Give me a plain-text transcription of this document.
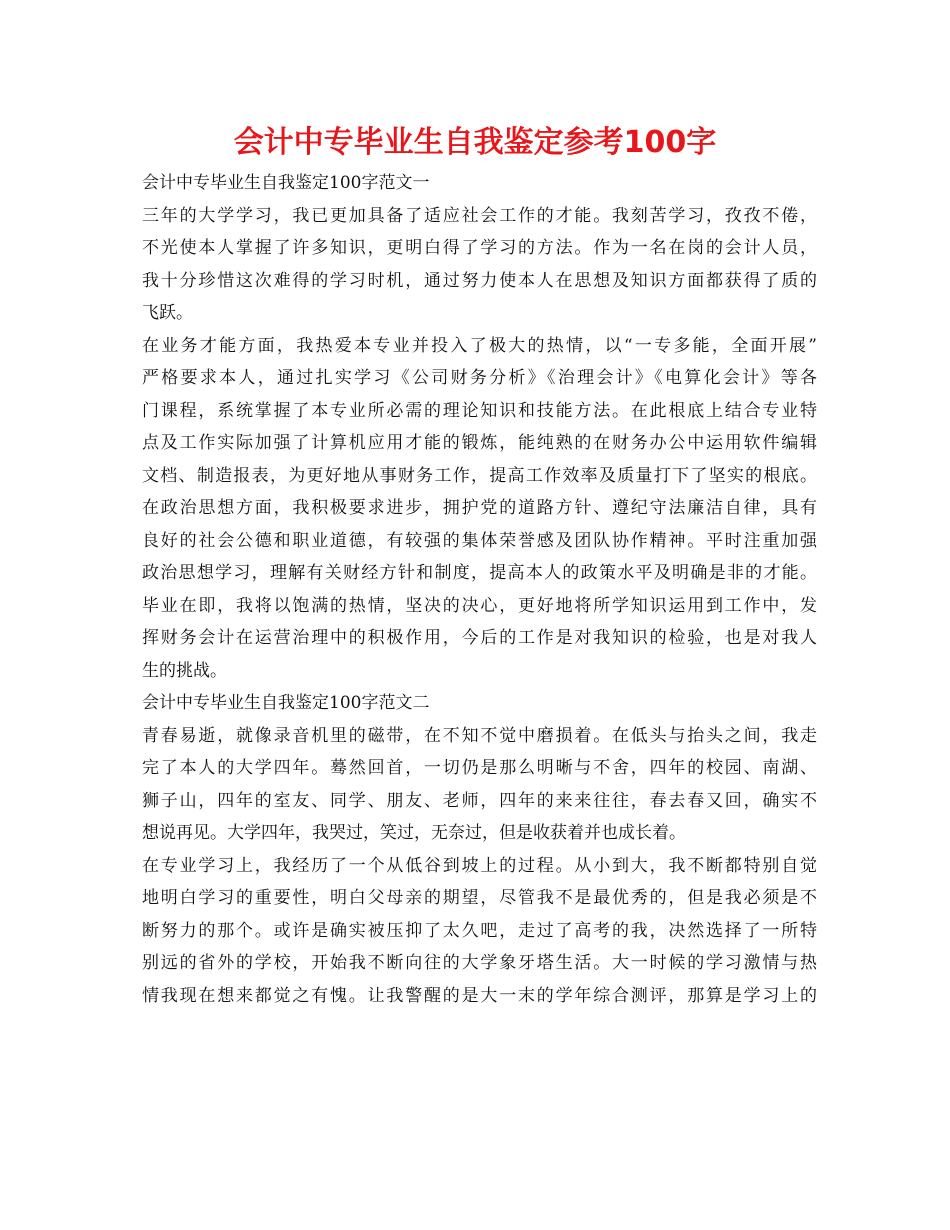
会计中专毕业生自我鉴定参考100字
会计中专毕业生自我鉴定100字范文一
三年的大学学习，我已更加具备了适应社会工作的才能。我刻苦学习，孜孜不倦，
不光使本人掌握了许多知识，更明白得了学习的方法。作为一名在岗的会计人员，
我十分珍惜这次难得的学习时机，通过努力使本人在思想及知识方面都获得了质的
飞跃。
在业务才能方面，我热爱本专业并投入了极大的热情，以“一专多能，全面开展”
严格要求本人，通过扎实学习《公司财务分析》《治理会计》《电算化会计》等各
门课程，系统掌握了本专业所必需的理论知识和技能方法。在此根底上结合专业特
点及工作实际加强了计算机应用才能的锻炼，能纯熟的在财务办公中运用软件编辑
文档、制造报表，为更好地从事财务工作，提高工作效率及质量打下了坚实的根底。
在政治思想方面，我积极要求进步，拥护党的道路方针、遵纪守法廉洁自律，具有
良好的社会公德和职业道德，有较强的集体荣誉感及团队协作精神。平时注重加强
政治思想学习，理解有关财经方针和制度，提高本人的政策水平及明确是非的才能。
毕业在即，我将以饱满的热情，坚决的决心，更好地将所学知识运用到工作中，发
挥财务会计在运营治理中的积极作用，今后的工作是对我知识的检验，也是对我人
生的挑战。
会计中专毕业生自我鉴定100字范文二
青春易逝，就像录音机里的磁带，在不知不觉中磨损着。在低头与抬头之间，我走
完了本人的大学四年。蓦然回首，一切仍是那么明晰与不舍，四年的校园、南湖、
狮子山，四年的室友、同学、朋友、老师，四年的来来往往，春去春又回，确实不
想说再见。大学四年，我哭过，笑过，无奈过，但是收获着并也成长着。
在专业学习上，我经历了一个从低谷到坡上的过程。从小到大，我不断都特别自觉
地明白学习的重要性，明白父母亲的期望，尽管我不是最优秀的，但是我必须是不
断努力的那个。或许是确实被压抑了太久吧，走过了高考的我，决然选择了一所特
别远的省外的学校，开始我不断向往的大学象牙塔生活。大一时候的学习激情与热
情我现在想来都觉之有愧。让我警醒的是大一末的学年综合测评，那算是学习上的
